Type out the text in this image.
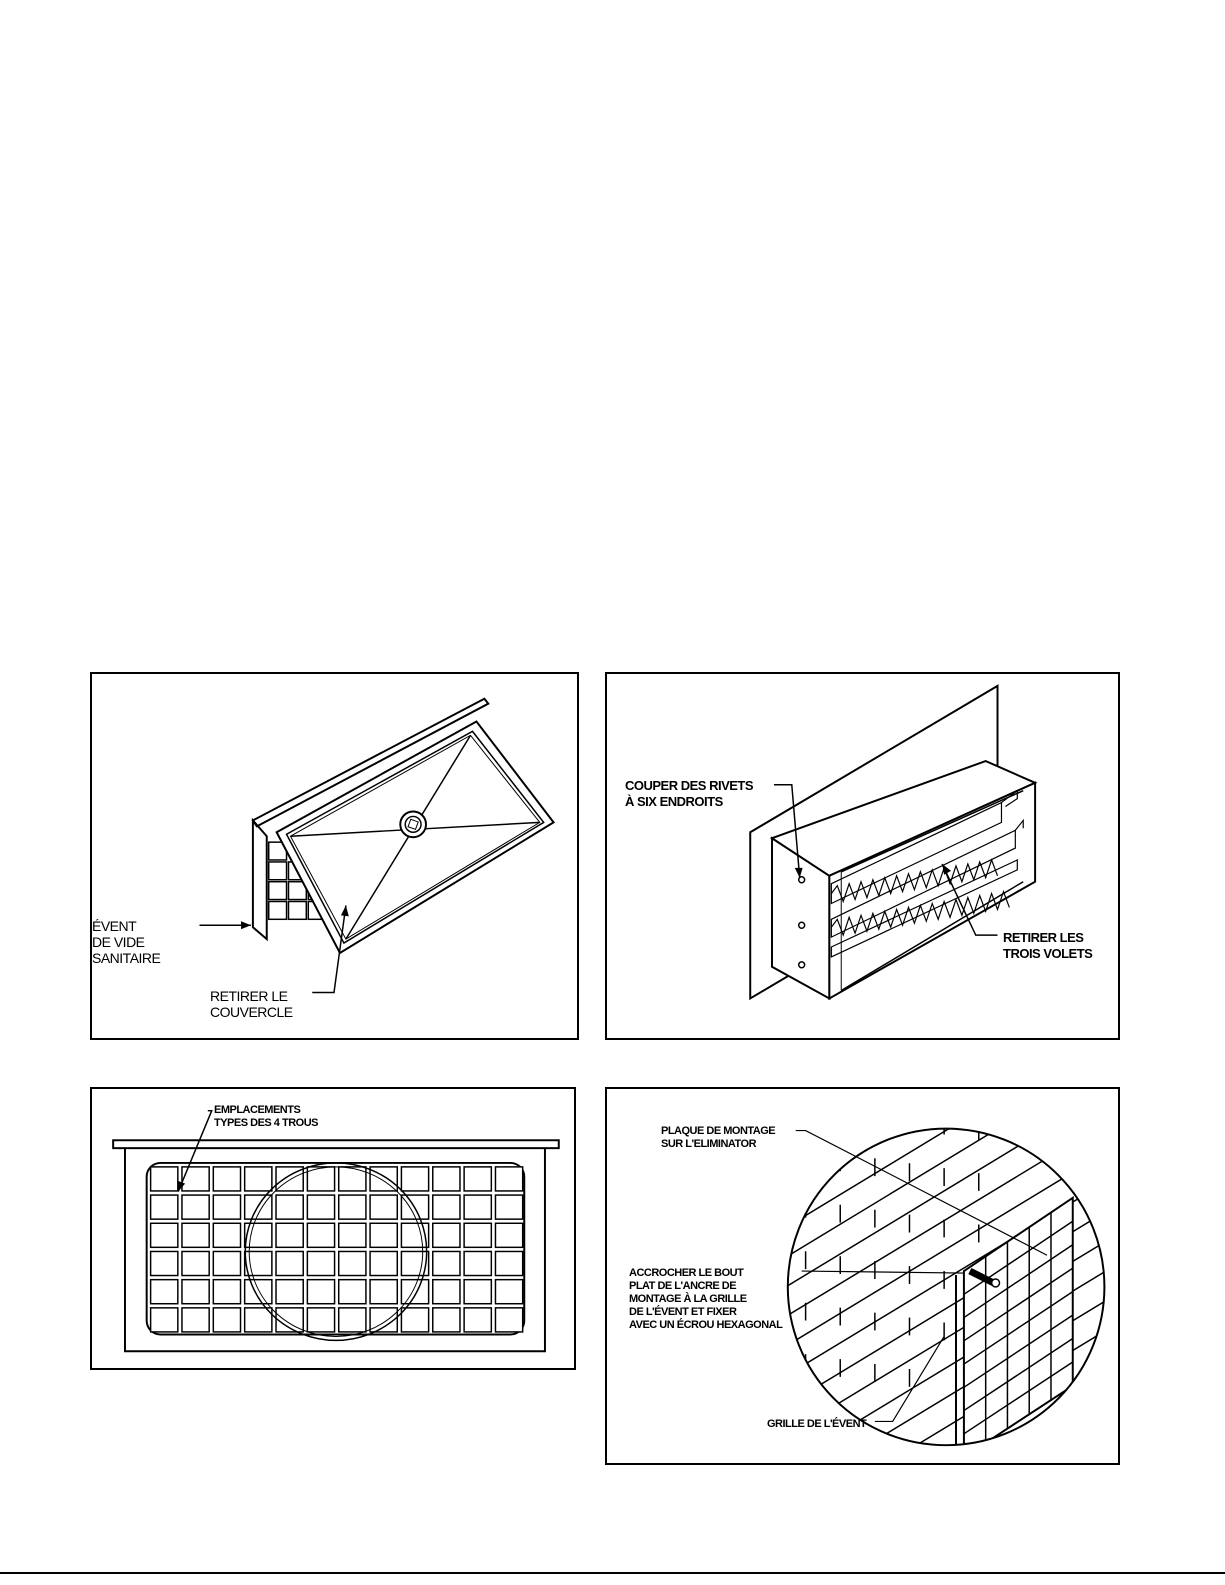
ÉVENT
DE VIDE
SANITAIRE
RETIRER LE
COUVERCLE
COUPER DES RIVETS
À SIX ENDROITS
RETIRER LES
TROIS VOLETS
EMPLACEMENTS
TYPES DES 4 TROUS
PLAQUE DE MONTAGE
SUR L'ELIMINATOR
ACCROCHER LE BOUT
PLAT DE L'ANCRE DE
MONTAGE À LA GRILLE
DE L'ÉVENT ET FIXER
AVEC UN ÉCROU HEXAGONAL
GRILLE DE L'ÉVENT
